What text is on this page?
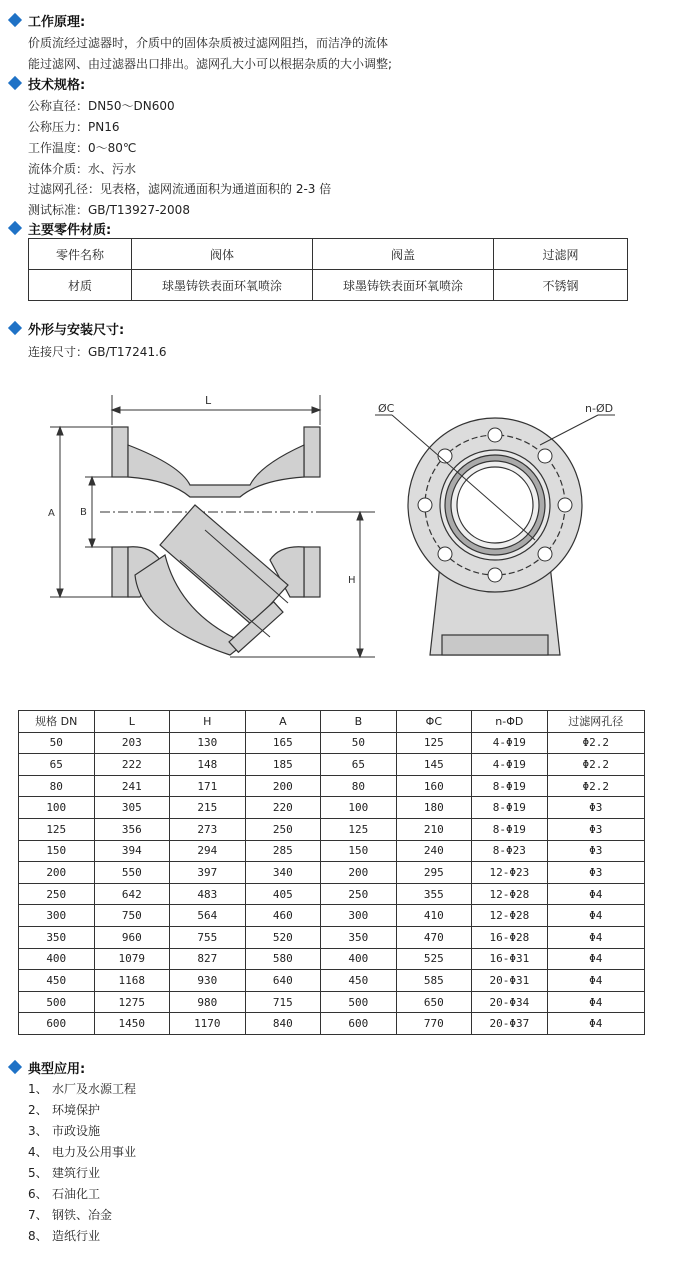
工作原理:
价质流经过滤器时，介质中的固体杂质被过滤网阻挡，而洁净的流体
能过滤网、由过滤器出口排出。滤网孔大小可以根据杂质的大小调整;
技术规格:
公称直径：DN50～DN600
公称压力：PN16
工作温度：0～80℃
流体介质：水、污水
过滤网孔径：见表格，滤网流通面积为通道面积的 2-3 倍
测试标准：GB/T13927-2008
主要零件材质:
零件名称	阀体	阀盖	过滤网
材质	球墨铸铁表面环氧喷涂	球墨铸铁表面环氧喷涂	不锈钢
外形与安装尺寸:
连接尺寸：GB/T17241.6
L
A	B
H
ØC	n-ØD
规格 DN	L	H	A	B	ΦC	n-ΦD	过滤网孔径
50	203	130	165	50	125	4-Φ19	Φ2.2
65	222	148	185	65	145	4-Φ19	Φ2.2
80	241	171	200	80	160	8-Φ19	Φ2.2
100	305	215	220	100	180	8-Φ19	Φ3
125	356	273	250	125	210	8-Φ19	Φ3
150	394	294	285	150	240	8-Φ23	Φ3
200	550	397	340	200	295	12-Φ23	Φ3
250	642	483	405	250	355	12-Φ28	Φ4
300	750	564	460	300	410	12-Φ28	Φ4
350	960	755	520	350	470	16-Φ28	Φ4
400	1079	827	580	400	525	16-Φ31	Φ4
450	1168	930	640	450	585	20-Φ31	Φ4
500	1275	980	715	500	650	20-Φ34	Φ4
600	1450	1170	840	600	770	20-Φ37	Φ4
典型应用:
1、 水厂及水源工程
2、 环境保护
3、 市政设施
4、 电力及公用事业
5、 建筑行业
6、 石油化工
7、 钢铁、冶金
8、 造纸行业
